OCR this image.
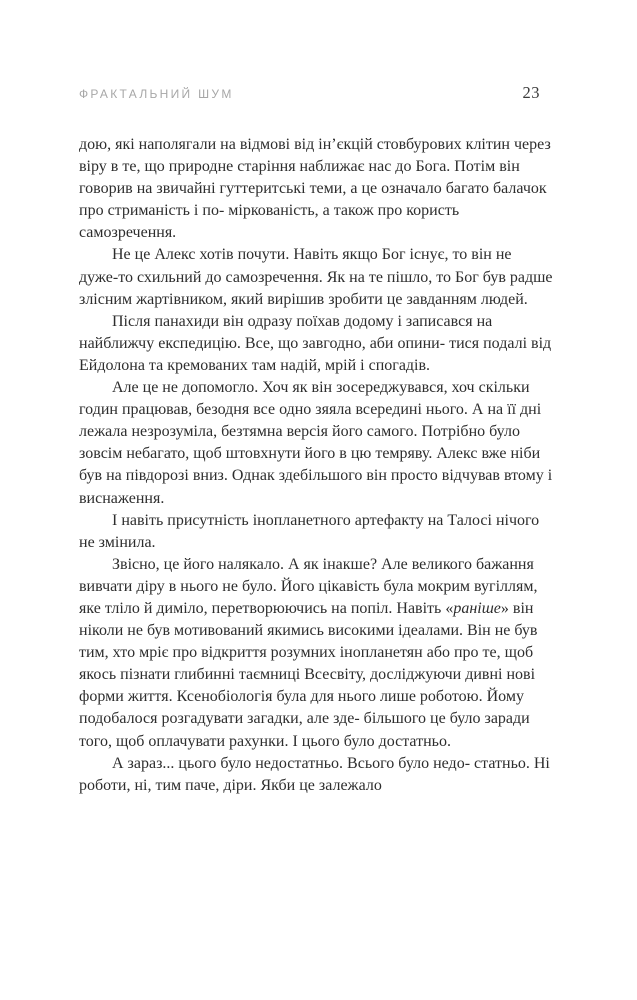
ФРАКТАЛЬНИЙ ШУМ	23

дою, які наполягали на відмові від ін’єкцій стовбурових клітин через віру в те, що природне старіння наближає нас до Бога. Потім він говорив на звичайні гуттеритські теми, а це означало багато балачок про стриманість і по- міркованість, а також про користь самозречення.

Не це Алекс хотів почути. Навіть якщо Бог існує, то він не дуже-то схильний до самозречення. Як на те пішло, то Бог був радше злісним жартівником, який вирішив зробити це завданням людей.

Після панахиди він одразу поїхав додому і записався на найближчу експедицію. Все, що завгодно, аби опини- тися подалі від Ейдолона та кремованих там надій, мрій і спогадів.

Але це не допомогло. Хоч як він зосереджувався, хоч скільки годин працював, безодня все одно зяяла всередині нього. А на її дні лежала незрозуміла, безтямна версія його самого. Потрібно було зовсім небагато, щоб штовхнути його в цю темряву. Алекс вже ніби був на півдорозі вниз. Однак здебільшого він просто відчував втому і виснаження.

І навіть присутність інопланетного артефакту на Талосі нічого не змінила.

Звісно, це його налякало. А як інакше? Але великого бажання вивчати діру в нього не було. Його цікавість була мокрим вугіллям, яке тліло й диміло, перетворюючись на попіл. Навіть «раніше» він ніколи не був мотивований якимись високими ідеалами. Він не був тим, хто мріє про відкриття розумних інопланетян або про те, щоб якось пізнати глибинні таємниці Всесвіту, досліджуючи дивні нові форми життя. Ксенобіологія була для нього лише роботою. Йому подобалося розгадувати загадки, але зде- більшого це було заради того, щоб оплачувати рахунки. І цього було достатньо.

А зараз... цього було недостатньо. Всього було недо- статньо. Ні роботи, ні, тим паче, діри. Якби це залежало
